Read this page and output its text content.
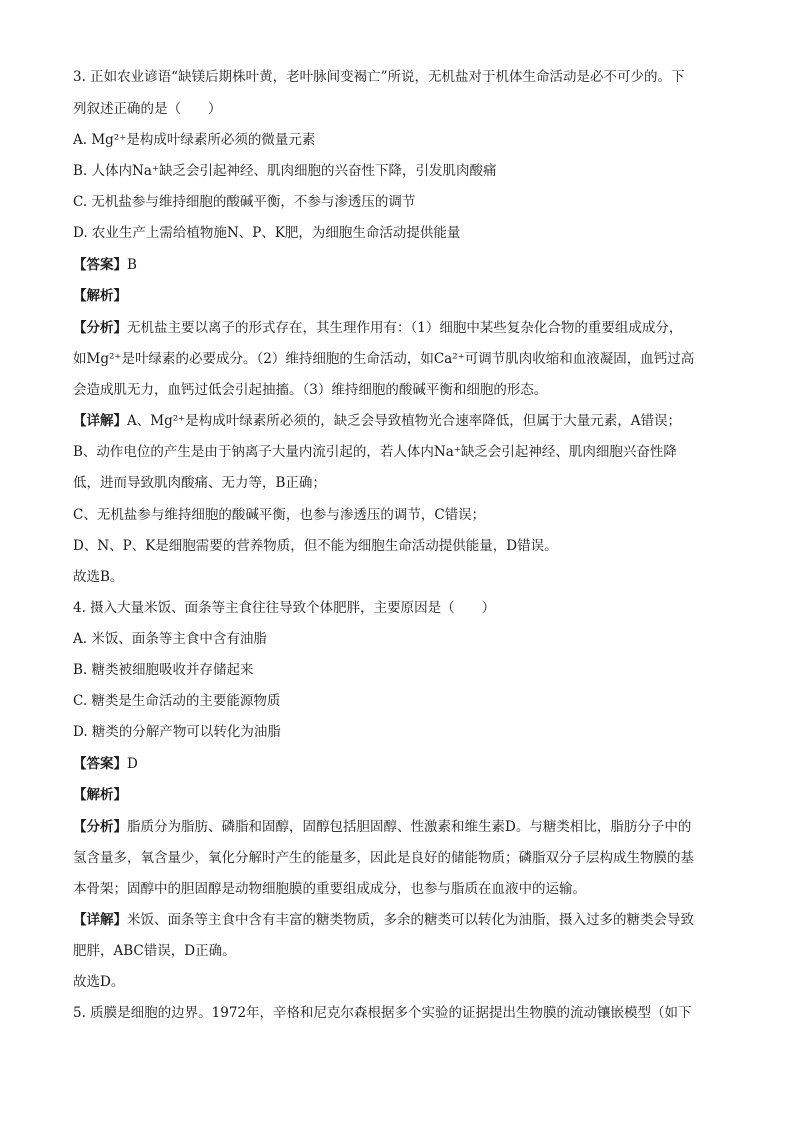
3. 正如农业谚语“缺镁后期株叶黄，老叶脉间变褐亡”所说，无机盐对于机体生命活动是必不可少的。下
列叙述正确的是（　　）
A. Mg²⁺是构成叶绿素所必须的微量元素
B. 人体内Na⁺缺乏会引起神经、肌肉细胞的兴奋性下降，引发肌肉酸痛
C. 无机盐参与维持细胞的酸碱平衡，不参与渗透压的调节
D. 农业生产上需给植物施N、P、K肥，为细胞生命活动提供能量
【答案】B
【解析】
【分析】无机盐主要以离子的形式存在，其生理作用有：（1）细胞中某些复杂化合物的重要组成成分，
如Mg²⁺是叶绿素的必要成分。（2）维持细胞的生命活动，如Ca²⁺可调节肌肉收缩和血液凝固，血钙过高
会造成肌无力，血钙过低会引起抽搐。（3）维持细胞的酸碱平衡和细胞的形态。
【详解】A、Mg²⁺是构成叶绿素所必须的，缺乏会导致植物光合速率降低，但属于大量元素，A错误；
B、动作电位的产生是由于钠离子大量内流引起的，若人体内Na⁺缺乏会引起神经、肌肉细胞兴奋性降
低，进而导致肌肉酸痛、无力等，B正确；
C、无机盐参与维持细胞的酸碱平衡，也参与渗透压的调节，C错误；
D、N、P、K是细胞需要的营养物质，但不能为细胞生命活动提供能量，D错误。
故选B。
4. 摄入大量米饭、面条等主食往往导致个体肥胖，主要原因是（　　）
A. 米饭、面条等主食中含有油脂
B. 糖类被细胞吸收并存储起来
C. 糖类是生命活动的主要能源物质
D. 糖类的分解产物可以转化为油脂
【答案】D
【解析】
【分析】脂质分为脂肪、磷脂和固醇，固醇包括胆固醇、性激素和维生素D。与糖类相比，脂肪分子中的
氢含量多，氧含量少，氧化分解时产生的能量多，因此是良好的储能物质；磷脂双分子层构成生物膜的基
本骨架；固醇中的胆固醇是动物细胞膜的重要组成成分，也参与脂质在血液中的运输。
【详解】米饭、面条等主食中含有丰富的糖类物质，多余的糖类可以转化为油脂，摄入过多的糖类会导致
肥胖，ABC错误，D正确。
故选D。
5. 质膜是细胞的边界。1972年，辛格和尼克尔森根据多个实验的证据提出生物膜的流动镶嵌模型（如下
